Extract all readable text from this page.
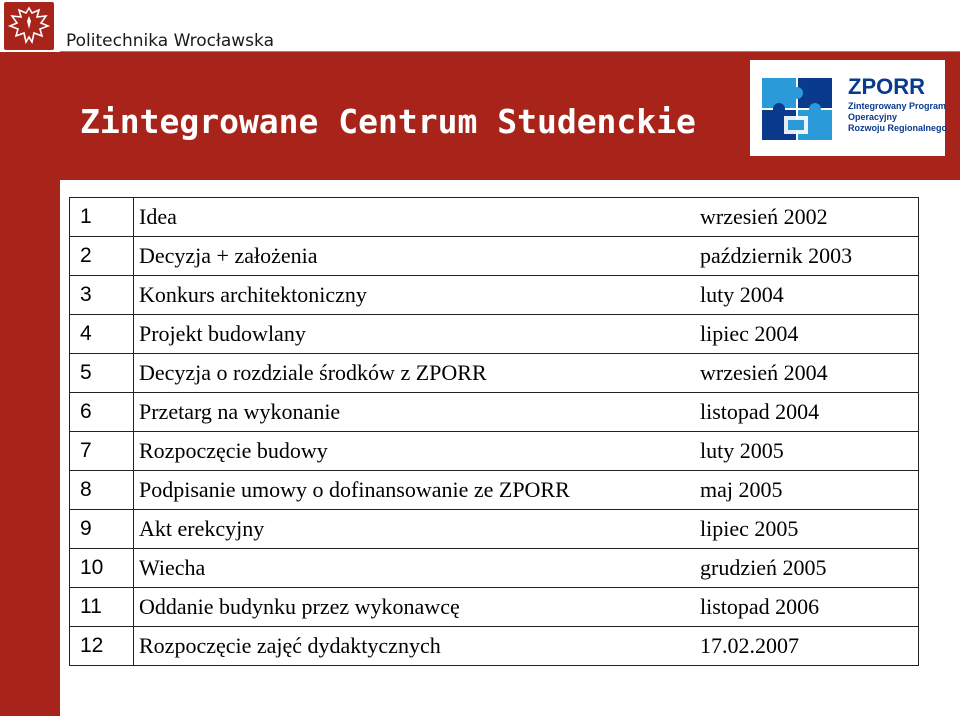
Politechnika Wrocławska
Zintegrowane Centrum Studenckie
ZPORR
Zintegrowany Program
Operacyjny
Rozwoju Regionalnego
1	Idea	wrzesień 2002
2	Decyzja + założenia	październik 2003
3	Konkurs architektoniczny	luty 2004
4	Projekt budowlany	lipiec 2004
5	Decyzja o rozdziale środków z ZPORR	wrzesień 2004
6	Przetarg na wykonanie	listopad 2004
7	Rozpoczęcie budowy	luty 2005
8	Podpisanie umowy o dofinansowanie ze ZPORR	maj 2005
9	Akt erekcyjny	lipiec 2005
10	Wiecha	grudzień 2005
11	Oddanie budynku przez wykonawcę	listopad 2006
12	Rozpoczęcie zajęć dydaktycznych	17.02.2007
